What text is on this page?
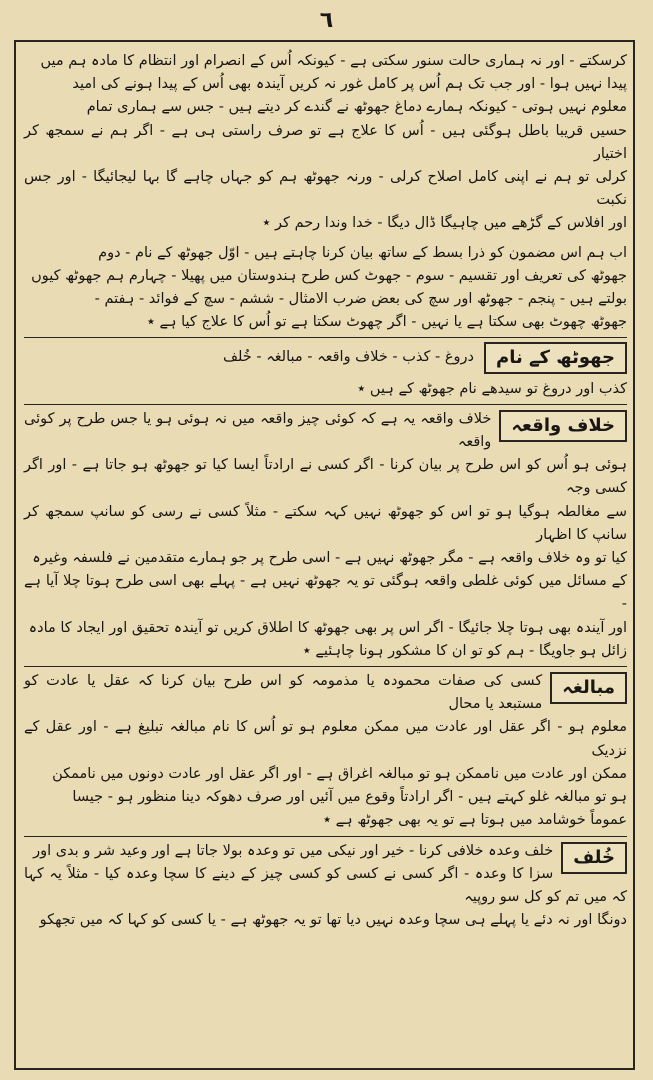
٦

کرسکتے - اور نہ ہماری حالت سنور سکتی ہے - کیونکہ اُس کے انصرام اور انتظام کا مادہ ہم میں

پیدا نہیں ہوا - اور جب تک ہم اُس پر کامل غور نہ کریں آیندہ بھی اُس کے پیدا ہونے کی امید

معلوم نہیں ہوتی - کیونکہ ہمارے دماغ جھوٹھ نے گندے کر دیتے ہیں - جس سے ہماری تمام

حسیں قریبا باطل ہوگئی ہیں - اُس کا علاج ہے تو صرف راستی ہی ہے - اگر ہم نے سمجھ کر اختیار

کرلی تو ہم نے اپنی کامل اصلاح کرلی - ورنہ جھوٹھ ہم کو جہاں چاہے گا بہا لیجائیگا - اور جس نکبت

اور افلاس کے گڑھے میں چاہیگا ڈال دیگا - خدا وندا رحم کر ٭

اب ہم اس مضمون کو ذرا بسط کے ساتھ بیان کرنا چاہتے ہیں - اوّل جھوٹھ کے نام - دوم

جھوٹھ کی تعریف اور تقسیم - سوم - جھوٹ کس طرح ہندوستان میں پھیلا - چہارم ہم جھوٹھ کیوں

بولتے ہیں - پنجم - جھوٹھ اور سچ کی بعض ضرب الامثال - ششم - سچ کے فوائد - ہفتم -

جھوٹھ چھوٹ بھی سکتا ہے یا نہیں - اگر چھوٹ سکتا ہے تو اُس کا علاج کیا ہے ٭

جھوٹھ کے نام
دروغ - کذب - خلاف واقعہ - مبالغہ - خُلف

کذب اور دروغ تو سیدھے نام جھوٹھ کے ہیں ٭

خلاف واقعہ

خلاف واقعہ یہ ہے کہ کوئی چیز واقعہ میں نہ ہوئی ہو یا جس طرح پر کوئی واقعہ

ہوئی ہو اُس کو اس طرح پر بیان کرنا - اگر کسی نے ارادتاً ایسا کیا تو جھوٹھ ہو جاتا ہے - اور اگر کسی وجہ

سے مغالطہ ہوگیا ہو تو اس کو جھوٹھ نہیں کہہ سکتے - مثلاً کسی نے رسی کو سانپ سمجھ کر سانپ کا اظہار

کیا تو وہ خلاف واقعہ ہے - مگر جھوٹھ نہیں ہے - اسی طرح پر جو ہمارے متقدمین نے فلسفہ وغیرہ

کے مسائل میں کوئی غلطی واقعہ ہوگئی تو یہ جھوٹھ نہیں ہے - پہلے بھی اسی طرح ہوتا چلا آیا ہے -

اور آیندہ بھی ہوتا چلا جائیگا - اگر اس پر بھی جھوٹھ کا اطلاق کریں تو آیندہ تحقیق اور ایجاد کا مادہ

زائل ہو جاویگا - ہم کو تو ان کا مشکور ہونا چاہئیے ٭

مبالغہ

کسی کی صفات محمودہ یا مذمومہ کو اس طرح بیان کرنا کہ عقل یا عادت کو مستبعد یا محال

معلوم ہو - اگر عقل اور عادت میں ممکن معلوم ہو تو اُس کا نام مبالغہ تبلیغ ہے - اور عقل کے نزدیک

ممکن اور عادت میں ناممکن ہو تو مبالغہ اغراق ہے - اور اگر عقل اور عادت دونوں میں ناممکن

ہو تو مبالغہ غلو کہتے ہیں - اگر ارادتاً وقوع میں آئیں اور صرف دھوکہ دینا منظور ہو - جیسا

عموماً خوشامد میں ہوتا ہے تو یہ بھی جھوٹھ ہے ٭

خُلف

خلف وعدہ خلافی کرنا - خیر اور نیکی میں تو وعدہ بولا جاتا ہے اور وعید شر و بدی اور

سزا کا وعدہ - اگر کسی نے کسی کو کسی چیز کے دینے کا سچا وعدہ کیا - مثلاً یہ کہا کہ میں تم کو کل سو روپیہ

دونگا اور نہ دئے یا پہلے ہی سچا وعدہ نہیں دیا تھا تو یہ جھوٹھ ہے - یا کسی کو کہا کہ میں تجھکو
